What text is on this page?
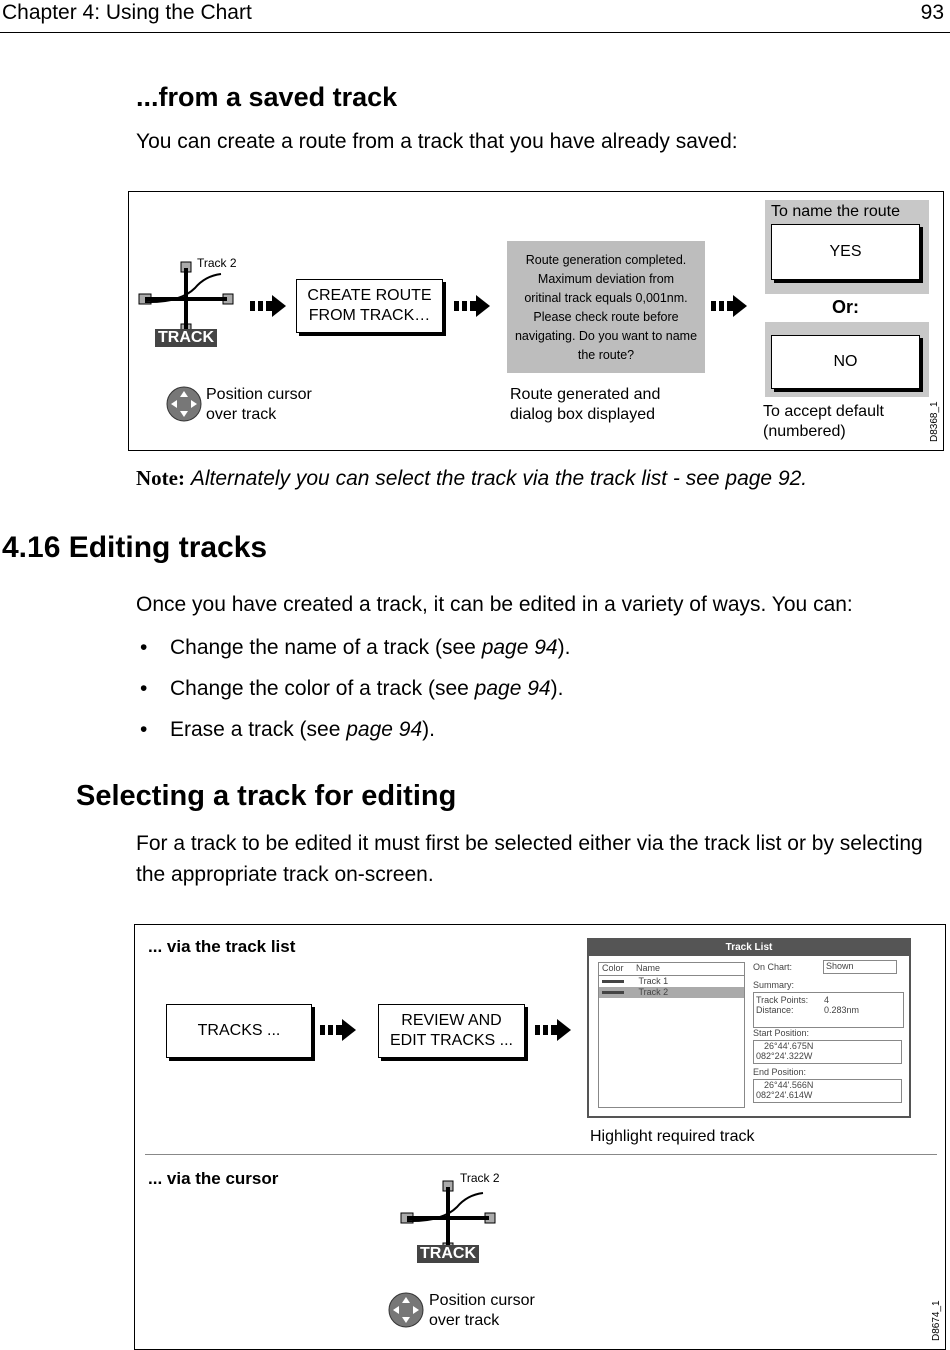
Chapter 4: Using the Chart	93
...from a saved track
You can create a route from a track that you have already saved:
Track 2
TRACK
Position cursor
over track
CREATE ROUTE
FROM TRACK…
Route generation completed.
Maximum deviation from
oritinal track equals 0,001nm.
Please check route before
navigating. Do you want to name
the route?
Route generated and
dialog box displayed
To name the route
YES
Or:
NO
To accept default
(numbered)	D8368_1
Note: Alternately you can select the track via the track list - see page 92.
4.16 Editing tracks
Once you have created a track, it can be edited in a variety of ways. You can:
• Change the name of a track (see page 94).
• Change the color of a track (see page 94).
• Erase a track (see page 94).
Selecting a track for editing
For a track to be edited it must first be selected either via the track list or by selecting
the appropriate track on-screen.
... via the track list
TRACKS ...
REVIEW AND
EDIT TRACKS ...
Track List
Color Name
Track 1
Track 2
On Chart:	Shown
Summary:
Track Points: 4
Distance:	0.283nm
Start Position:
26°44'.675N
082°24'.322W
End Position:
26°44'.566N
082°24'.614W
Highlight required track
... via the cursor	Track 2
TRACK
Position cursor
over track	D8674_1
